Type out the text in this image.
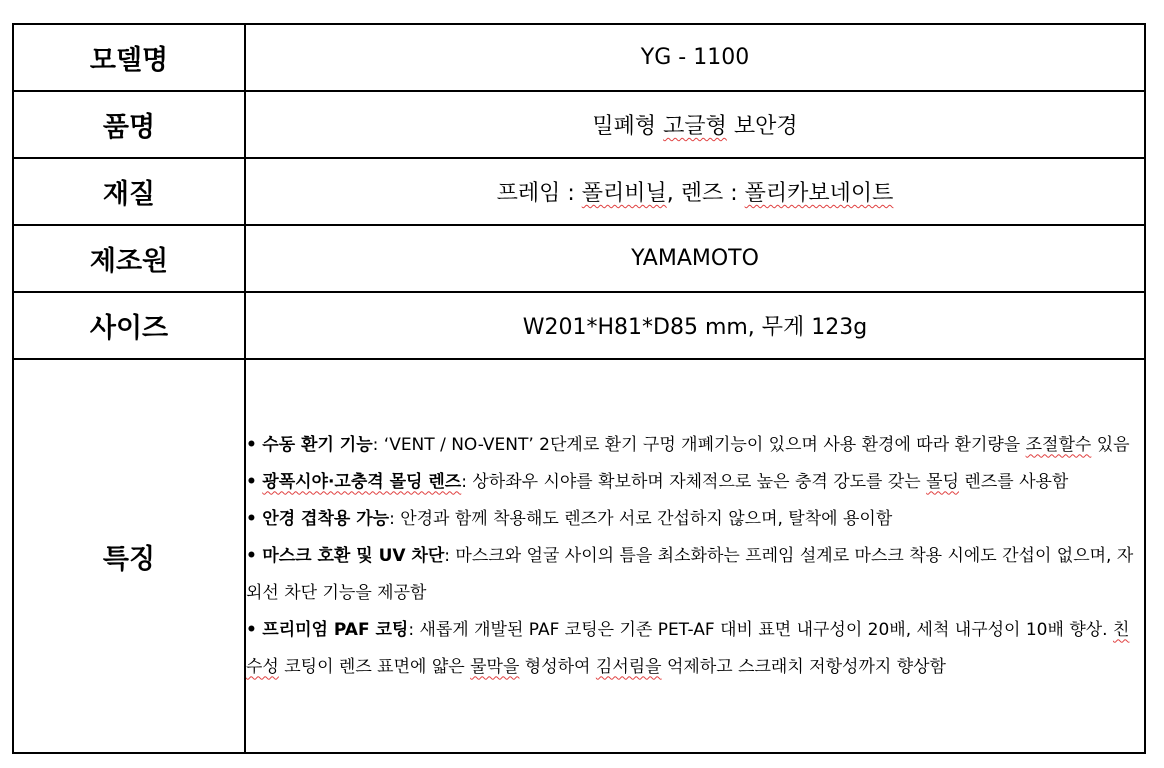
모델명	YG - 1100
품명	밀폐형 고글형 보안경
재질	프레임 : 폴리비닐, 렌즈 : 폴리카보네이트
제조원	YAMAMOTO
사이즈	W201*H81*D85 mm, 무게 123g
특징	• 수동 환기 기능: ‘VENT / NO-VENT’ 2단계로 환기 구멍 개폐기능이 있으며 사용 환경에 따라 환기량을 조절할수 있음
• 광폭시야·고충격 몰딩 렌즈: 상하좌우 시야를 확보하며 자체적으로 높은 충격 강도를 갖는 몰딩 렌즈를 사용함
• 안경 겹착용 가능: 안경과 함께 착용해도 렌즈가 서로 간섭하지 않으며, 탈착에 용이함
• 마스크 호환 및 UV 차단: 마스크와 얼굴 사이의 틈을 최소화하는 프레임 설계로 마스크 착용 시에도 간섭이 없으며, 자외선 차단 기능을 제공함
• 프리미엄 PAF 코팅: 새롭게 개발된 PAF 코팅은 기존 PET-AF 대비 표면 내구성이 20배, 세척 내구성이 10배 향상. 친수성 코팅이 렌즈 표면에 얇은 물막을 형성하여 김서림을 억제하고 스크래치 저항성까지 향상함
